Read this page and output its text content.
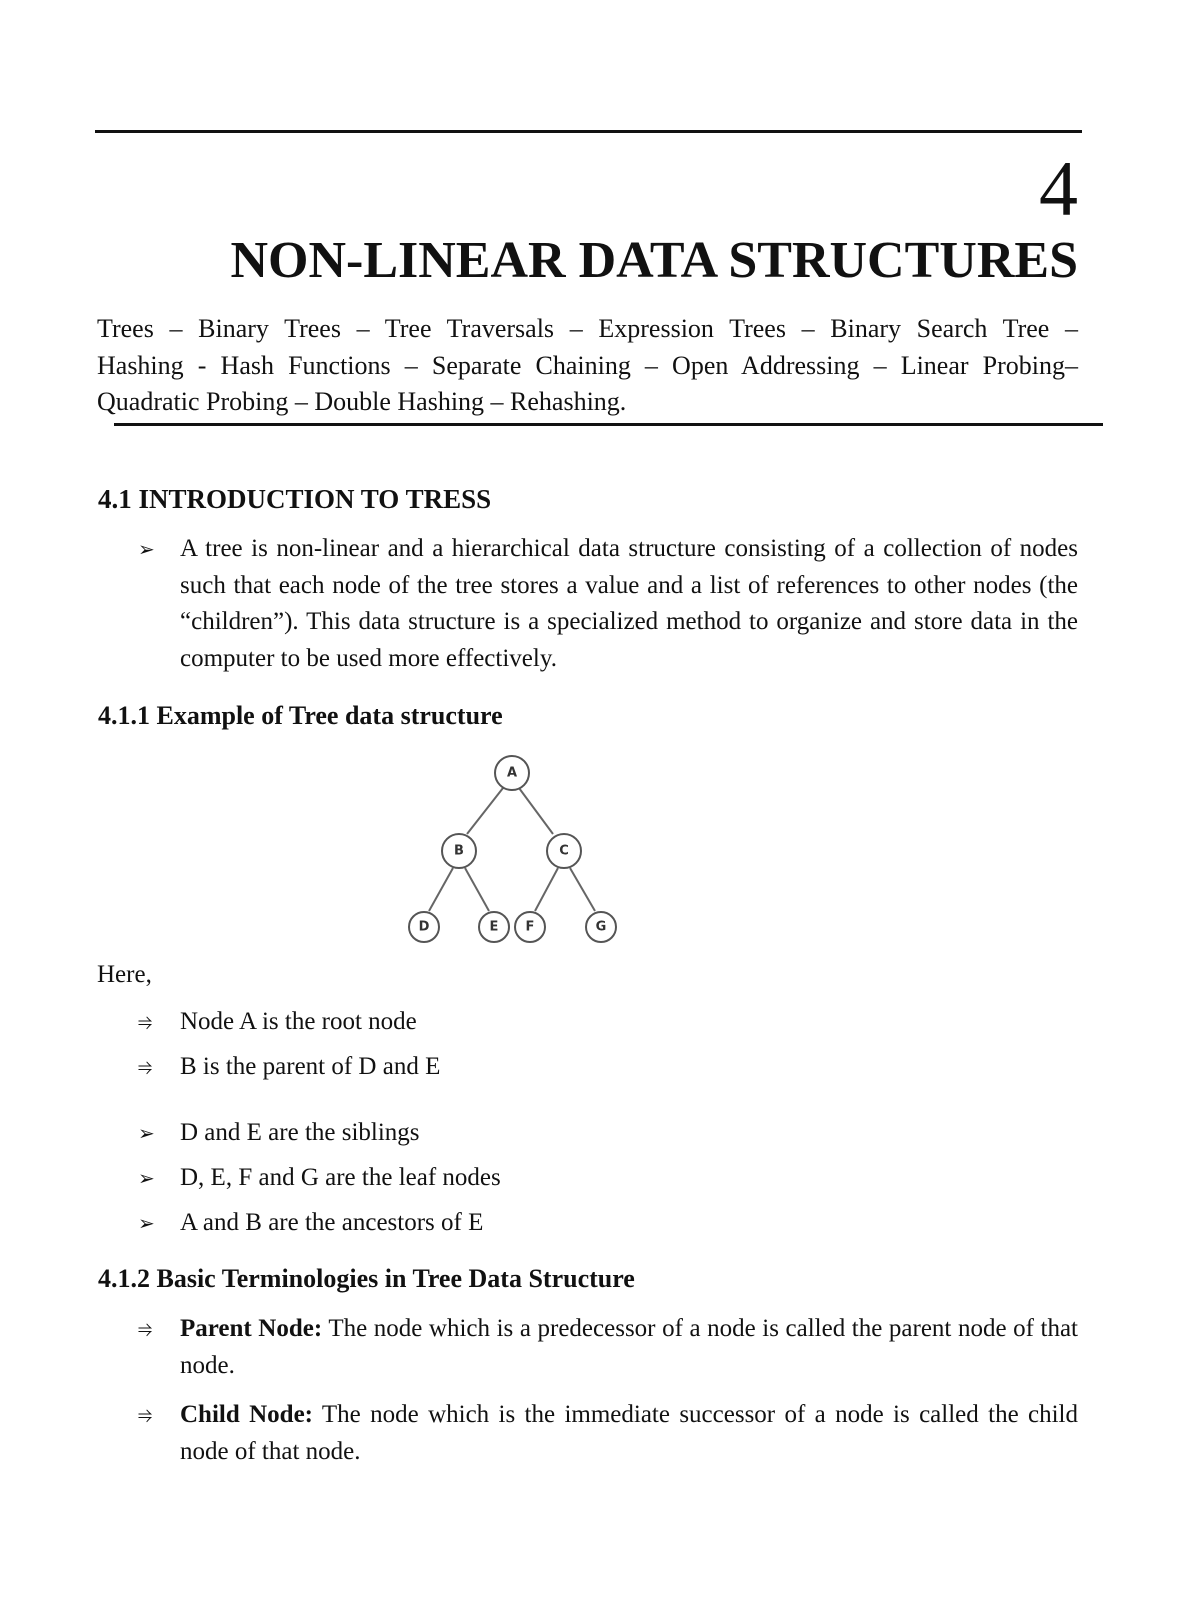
4
NON-LINEAR DATA STRUCTURES

Trees – Binary Trees – Tree Traversals – Expression Trees – Binary Search Tree –

Hashing - Hash Functions – Separate Chaining – Open Addressing – Linear Probing–

Quadratic Probing – Double Hashing – Rehashing.

4.1 INTRODUCTION TO TRESS

➢	A tree is non-linear and a hierarchical data structure consisting of a collection of nodes such that each node of the tree stores a value and a list of references to other nodes (the “children”). This data structure is a specialized method to organize and store data in the computer to be used more effectively.

4.1.1 Example of Tree data structure
A
B	C
D	E F	G

Here,

⥤	Node A is the root node

⥤	B is the parent of D and E

➢	D and E are the siblings

➢	D, E, F and G are the leaf nodes

➢	A and B are the ancestors of E

4.1.2 Basic Terminologies in Tree Data Structure

⥤	Parent Node: The node which is a predecessor of a node is called the parent node of that node.

⥤	Child Node: The node which is the immediate successor of a node is called the child node of that node.
